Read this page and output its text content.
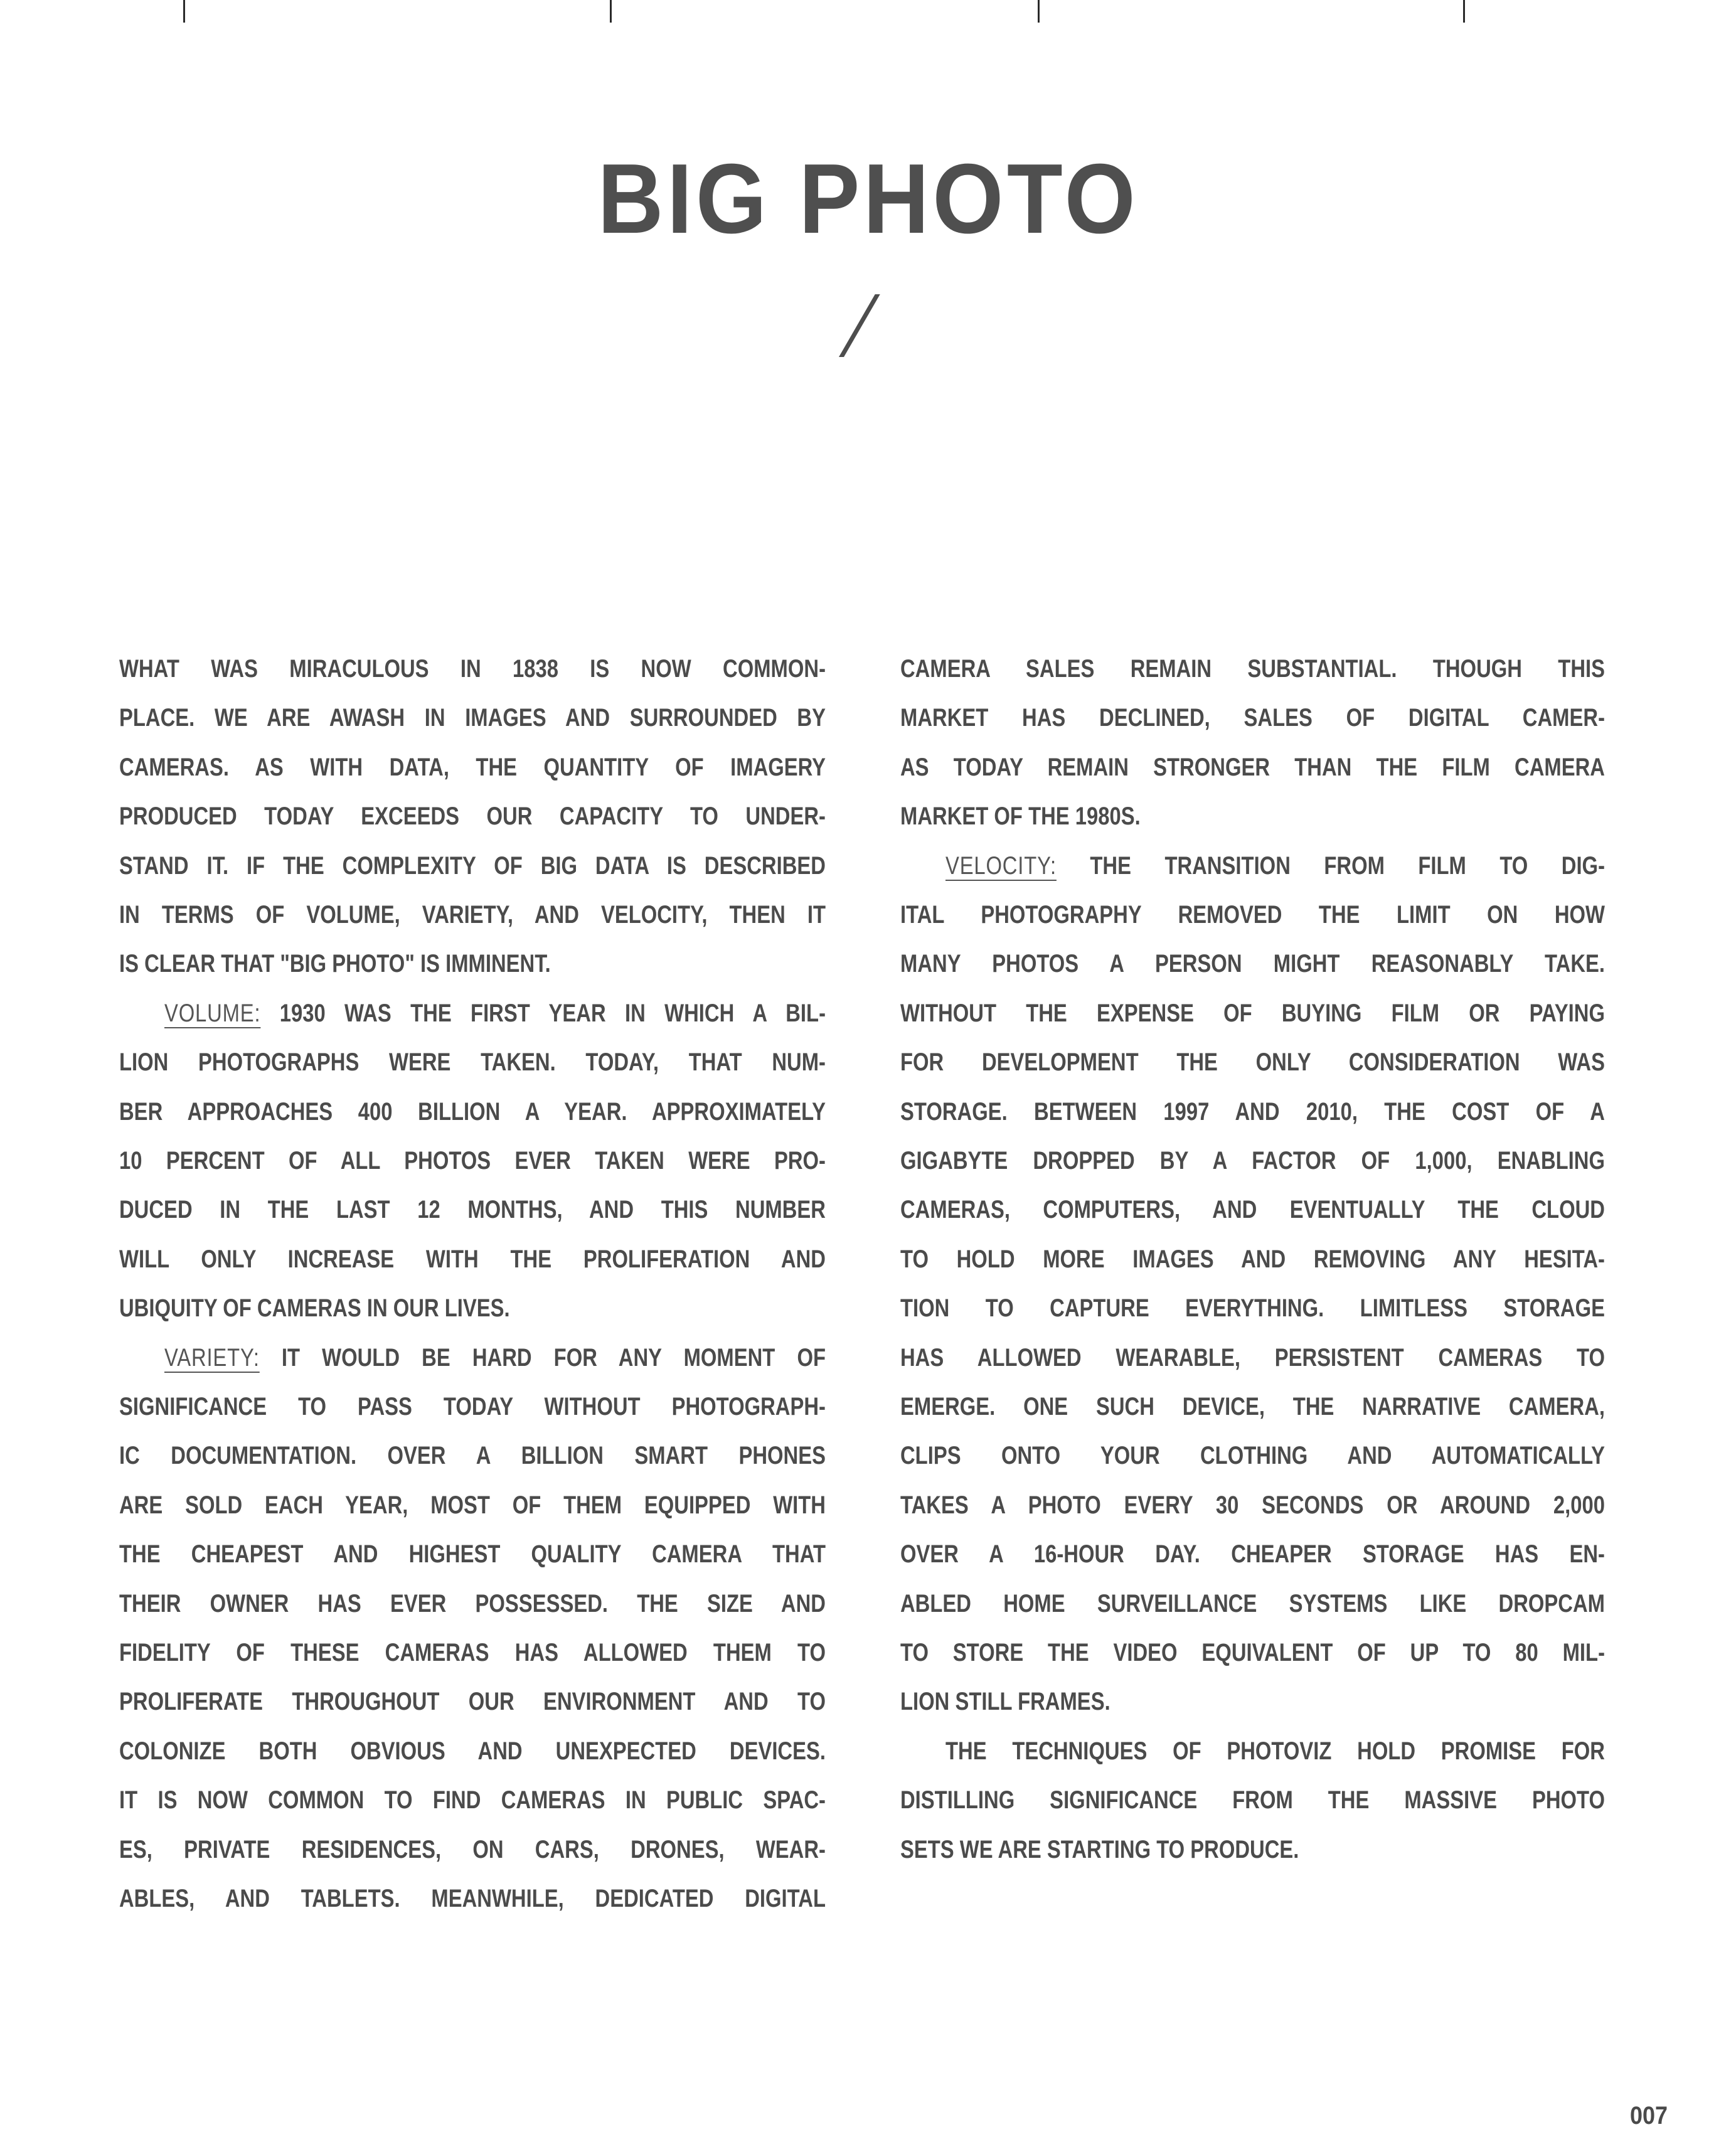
BIG PHOTO
WHAT WAS MIRACULOUS IN 1838 IS NOW COMMON-
PLACE. WE ARE AWASH IN IMAGES AND SURROUNDED BY
CAMERAS. AS WITH DATA, THE QUANTITY OF IMAGERY
PRODUCED TODAY EXCEEDS OUR CAPACITY TO UNDER-
STAND IT. IF THE COMPLEXITY OF BIG DATA IS DESCRIBED
IN TERMS OF VOLUME, VARIETY, AND VELOCITY, THEN IT
IS CLEAR THAT "BIG PHOTO" IS IMMINENT.
VOLUME: 1930 WAS THE FIRST YEAR IN WHICH A BIL-
LION PHOTOGRAPHS WERE TAKEN. TODAY, THAT NUM-
BER APPROACHES 400 BILLION A YEAR. APPROXIMATELY
10 PERCENT OF ALL PHOTOS EVER TAKEN WERE PRO-
DUCED IN THE LAST 12 MONTHS, AND THIS NUMBER
WILL ONLY INCREASE WITH THE PROLIFERATION AND
UBIQUITY OF CAMERAS IN OUR LIVES.
VARIETY: IT WOULD BE HARD FOR ANY MOMENT OF
SIGNIFICANCE TO PASS TODAY WITHOUT PHOTOGRAPH-
IC DOCUMENTATION. OVER A BILLION SMART PHONES
ARE SOLD EACH YEAR, MOST OF THEM EQUIPPED WITH
THE CHEAPEST AND HIGHEST QUALITY CAMERA THAT
THEIR OWNER HAS EVER POSSESSED. THE SIZE AND
FIDELITY OF THESE CAMERAS HAS ALLOWED THEM TO
PROLIFERATE THROUGHOUT OUR ENVIRONMENT AND TO
COLONIZE BOTH OBVIOUS AND UNEXPECTED DEVICES.
IT IS NOW COMMON TO FIND CAMERAS IN PUBLIC SPAC-
ES, PRIVATE RESIDENCES, ON CARS, DRONES, WEAR-
ABLES, AND TABLETS. MEANWHILE, DEDICATED DIGITAL
CAMERA SALES REMAIN SUBSTANTIAL. THOUGH THIS
MARKET HAS DECLINED, SALES OF DIGITAL CAMER-
AS TODAY REMAIN STRONGER THAN THE FILM CAMERA
MARKET OF THE 1980S.
VELOCITY: THE TRANSITION FROM FILM TO DIG-
ITAL PHOTOGRAPHY REMOVED THE LIMIT ON HOW
MANY PHOTOS A PERSON MIGHT REASONABLY TAKE.
WITHOUT THE EXPENSE OF BUYING FILM OR PAYING
FOR DEVELOPMENT THE ONLY CONSIDERATION WAS
STORAGE. BETWEEN 1997 AND 2010, THE COST OF A
GIGABYTE DROPPED BY A FACTOR OF 1,000, ENABLING
CAMERAS, COMPUTERS, AND EVENTUALLY THE CLOUD
TO HOLD MORE IMAGES AND REMOVING ANY HESITA-
TION TO CAPTURE EVERYTHING. LIMITLESS STORAGE
HAS ALLOWED WEARABLE, PERSISTENT CAMERAS TO
EMERGE. ONE SUCH DEVICE, THE NARRATIVE CAMERA,
CLIPS ONTO YOUR CLOTHING AND AUTOMATICALLY
TAKES A PHOTO EVERY 30 SECONDS OR AROUND 2,000
OVER A 16-HOUR DAY. CHEAPER STORAGE HAS EN-
ABLED HOME SURVEILLANCE SYSTEMS LIKE DROPCAM
TO STORE THE VIDEO EQUIVALENT OF UP TO 80 MIL-
LION STILL FRAMES.
THE TECHNIQUES OF PHOTOVIZ HOLD PROMISE FOR
DISTILLING SIGNIFICANCE FROM THE MASSIVE PHOTO
SETS WE ARE STARTING TO PRODUCE.
007
